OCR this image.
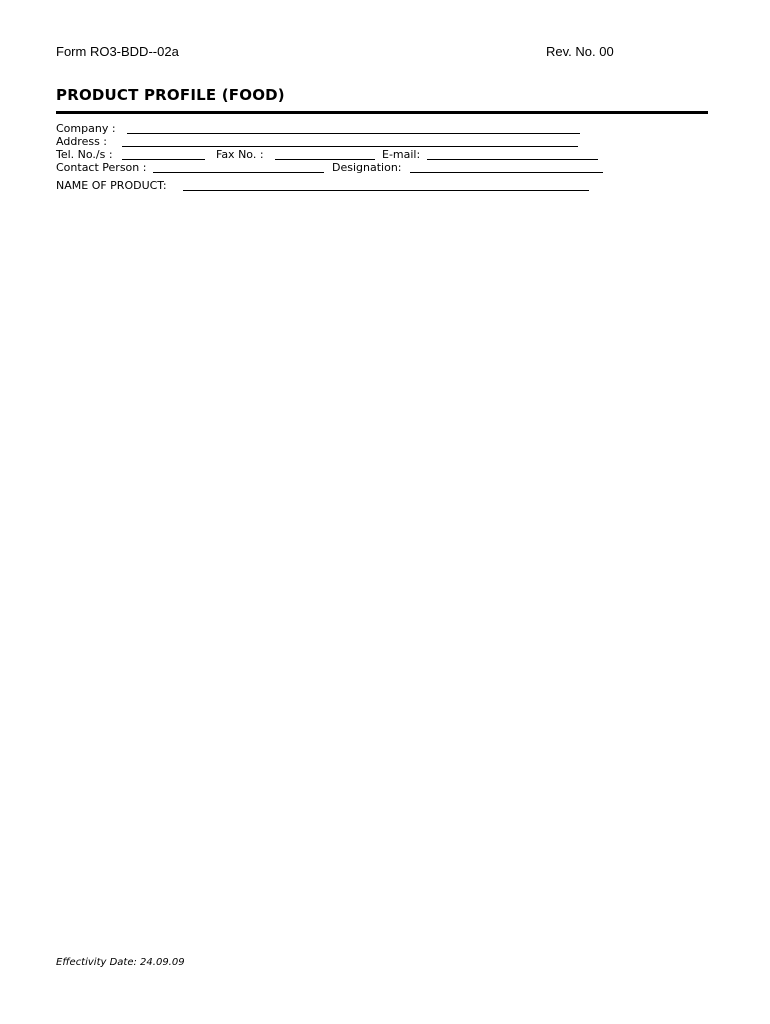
Form RO3-BDD--02a	Rev. No. 00
PRODUCT PROFILE (FOOD)
Company :
Address :
Tel. No./s :	Fax No. :	E-mail:
Contact Person :	Designation:
NAME OF PRODUCT:
Effectivity Date: 24.09.09
